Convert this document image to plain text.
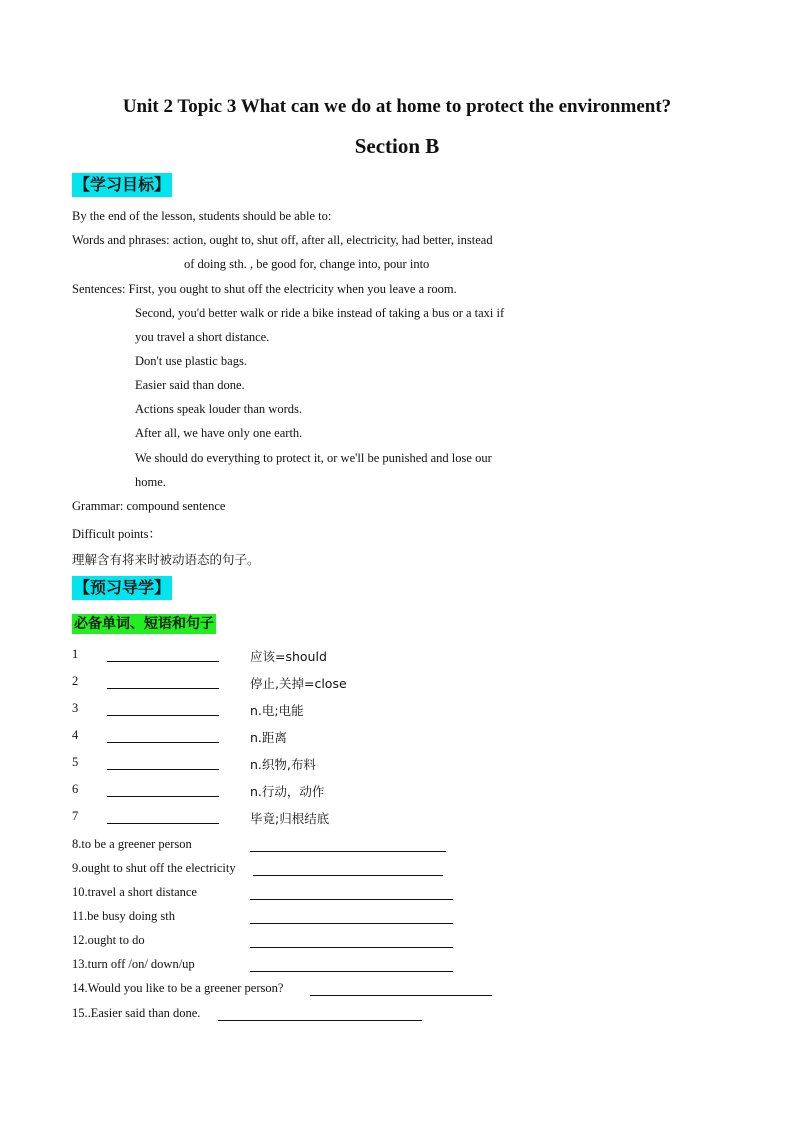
Unit 2 Topic 3 What can we do at home to protect the environment?
Section B
【学习目标】
By the end of the lesson, students should be able to:
Words and phrases: action, ought to, shut off, after all, electricity, had better, instead
of doing sth. , be good for, change into, pour into
Sentences: First, you ought to shut off the electricity when you leave a room.
Second, you'd better walk or ride a bike instead of taking a bus or a taxi if
you travel a short distance.
Don't use plastic bags.
Easier said than done.
Actions speak louder than words.
After all, we have only one earth.
We should do everything to protect it, or we'll be punished and lose our
home.
Grammar: compound sentence
Difficult points：
理解含有将来时被动语态的句子。
【预习导学】
必备单词、短语和句子
1	应该=should
2	停止,关掉=close
3	n.电;电能
4	n.距离
5	n.织物,布料
6	n.行动，动作
7	毕竟;归根结底
8.to be a greener person
9.ought to shut off the electricity
10.travel a short distance
11.be busy doing sth
12.ought to do
13.turn off /on/ down/up
14.Would you like to be a greener person?
15..Easier said than done.
